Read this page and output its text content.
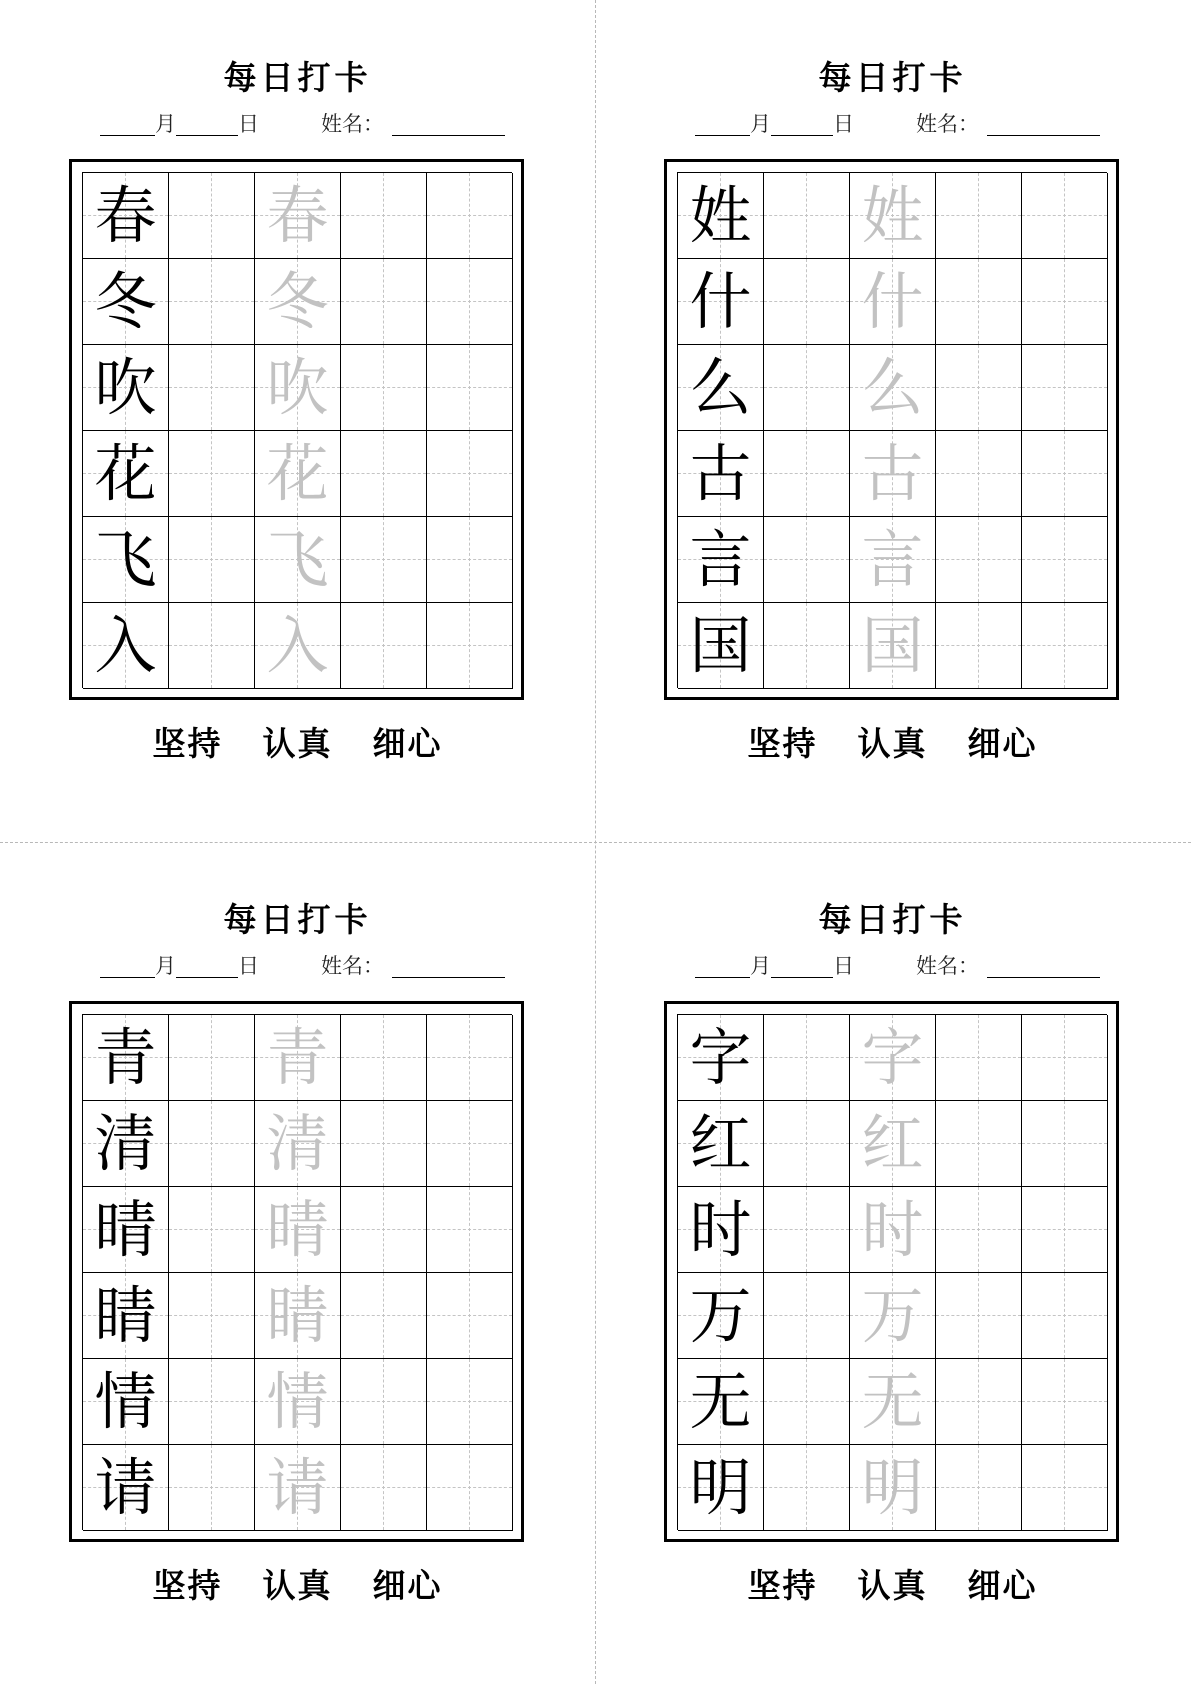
每日打卡
月	日	姓名：
春 春
冬 冬
吹 吹
花 花
飞 飞
入 入
坚持 认真 细心
每日打卡
月	日	姓名：
姓 姓
什 什
么 么
古 古
言 言
国 国
坚持 认真 细心
每日打卡
月	日	姓名：
青 青
清 清
晴 晴
睛 睛
情 情
请 请
坚持 认真 细心
每日打卡
月	日	姓名：
字 字
红 红
时 时
万 万
无 无
明 明
坚持 认真 细心
